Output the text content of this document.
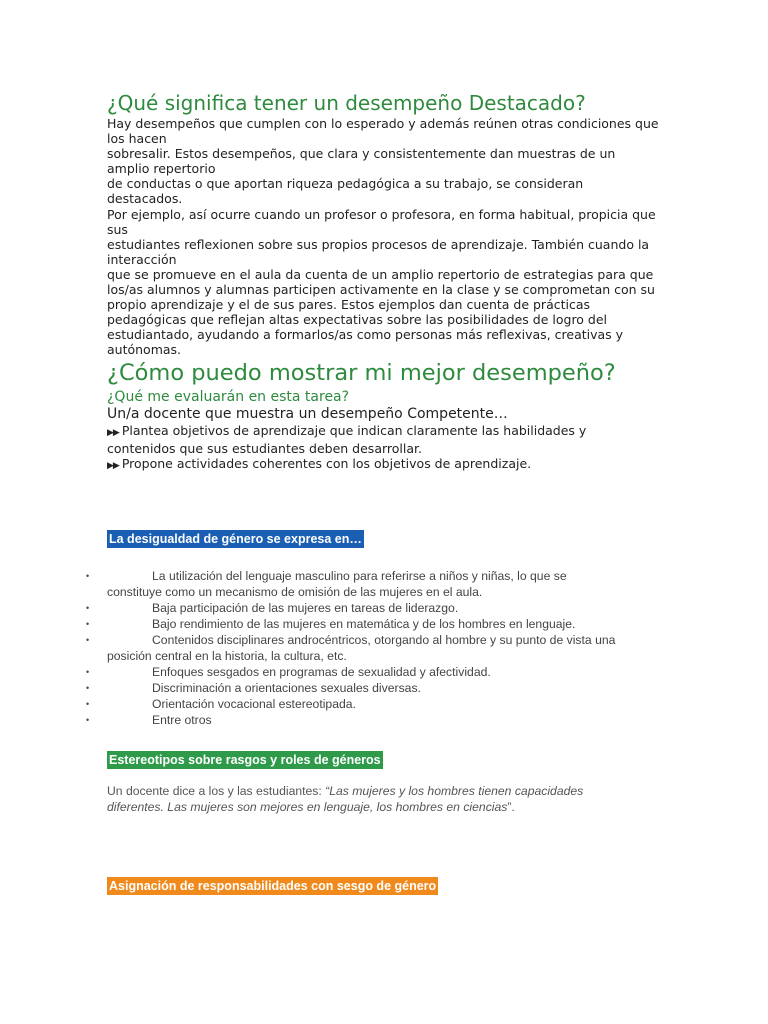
¿Qué significa tener un desempeño Destacado?
Hay desempeños que cumplen con lo esperado y además reúnen otras condiciones que
los hacen
sobresalir. Estos desempeños, que clara y consistentemente dan muestras de un
amplio repertorio
de conductas o que aportan riqueza pedagógica a su trabajo, se consideran
destacados.
Por ejemplo, así ocurre cuando un profesor o profesora, en forma habitual, propicia que
sus
estudiantes reflexionen sobre sus propios procesos de aprendizaje. También cuando la
interacción
que se promueve en el aula da cuenta de un amplio repertorio de estrategias para que
los/as alumnos y alumnas participen activamente en la clase y se comprometan con su
propio aprendizaje y el de sus pares. Estos ejemplos dan cuenta de prácticas
pedagógicas que reflejan altas expectativas sobre las posibilidades de logro del
estudiantado, ayudando a formarlos/as como personas más reflexivas, creativas y
autónomas.
¿Cómo puedo mostrar mi mejor desempeño?
¿Qué me evaluarán en esta tarea?
Un/a docente que muestra un desempeño Competente…
▶▶ Plantea objetivos de aprendizaje que indican claramente las habilidades y
contenidos que sus estudiantes deben desarrollar.
▶▶ Propone actividades coherentes con los objetivos de aprendizaje.
La desigualdad de género se expresa en…
•	La utilización del lenguaje masculino para referirse a niños y niñas, lo que se
constituye como un mecanismo de omisión de las mujeres en el aula.
•	Baja participación de las mujeres en tareas de liderazgo.
•	Bajo rendimiento de las mujeres en matemática y de los hombres en lenguaje.
•	Contenidos disciplinares androcéntricos, otorgando al hombre y su punto de vista una
posición central en la historia, la cultura, etc.
•	Enfoques sesgados en programas de sexualidad y afectividad.
•	Discriminación a orientaciones sexuales diversas.
•	Orientación vocacional estereotipada.
•	Entre otros
Estereotipos sobre rasgos y roles de géneros
Un docente dice a los y las estudiantes: “Las mujeres y los hombres tienen capacidades
diferentes. Las mujeres son mejores en lenguaje, los hombres en ciencias”.
Asignación de responsabilidades con sesgo de género
